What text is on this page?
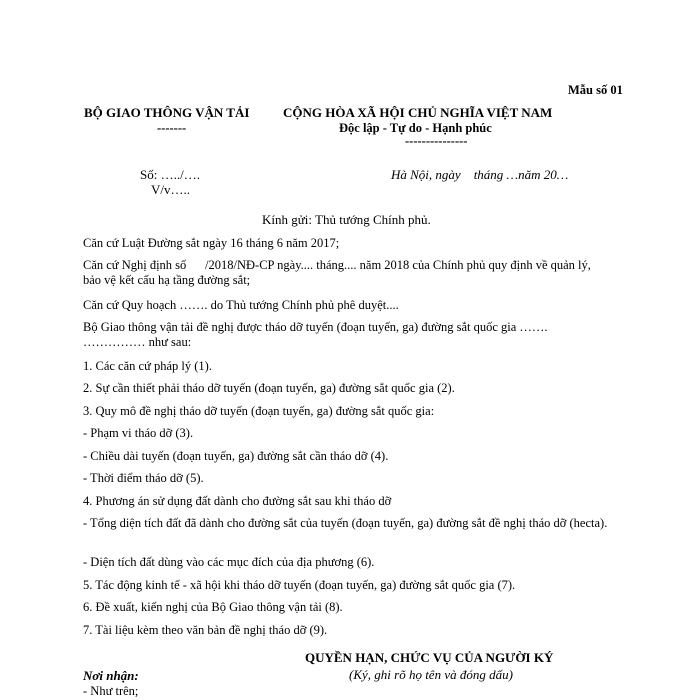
Mẫu số 01
BỘ GIAO THÔNG VẬN TẢI
-------
CỘNG HÒA XÃ HỘI CHỦ NGHĨA VIỆT NAM
Độc lập - Tự do - Hạnh phúc
---------------
Số: …../….
V/v…..
Hà Nội, ngày    tháng …năm 20…
Kính gửi: Thủ tướng Chính phủ.
Căn cứ Luật Đường sắt ngày 16 tháng 6 năm 2017;
Căn cứ Nghị định số      /2018/NĐ-CP ngày.... tháng.... năm 2018 của Chính phủ quy định về quản lý, bảo vệ kết cấu hạ tầng đường sắt;
Căn cứ Quy hoạch ……. do Thủ tướng Chính phủ phê duyệt....
Bộ Giao thông vận tải đề nghị được tháo dỡ tuyến (đoạn tuyến, ga) đường sắt quốc gia ……. …………… như sau:
1. Các căn cứ pháp lý (1).
2. Sự cần thiết phải tháo dỡ tuyến (đoạn tuyến, ga) đường sắt quốc gia (2).
3. Quy mô đề nghị tháo dỡ tuyến (đoạn tuyến, ga) đường sắt quốc gia:
- Phạm vi tháo dỡ (3).
- Chiều dài tuyến (đoạn tuyến, ga) đường sắt cần tháo dỡ (4).
- Thời điểm tháo dỡ (5).
4. Phương án sử dụng đất dành cho đường sắt sau khi tháo dỡ
- Tổng diện tích đất đã dành cho đường sắt của tuyến (đoạn tuyến, ga) đường sắt đề nghị tháo dỡ (hecta).
- Diện tích đất dùng vào các mục đích của địa phương (6).
5. Tác động kinh tế - xã hội khi tháo dỡ tuyến (đoạn tuyến, ga) đường sắt quốc gia (7).
6. Đề xuất, kiến nghị của Bộ Giao thông vận tải (8).
7. Tài liệu kèm theo văn bản đề nghị tháo dỡ (9).
Nơi nhận:
- Như trên;
QUYỀN HẠN, CHỨC VỤ CỦA NGƯỜI KÝ
(Ký, ghi rõ họ tên và đóng dấu)
